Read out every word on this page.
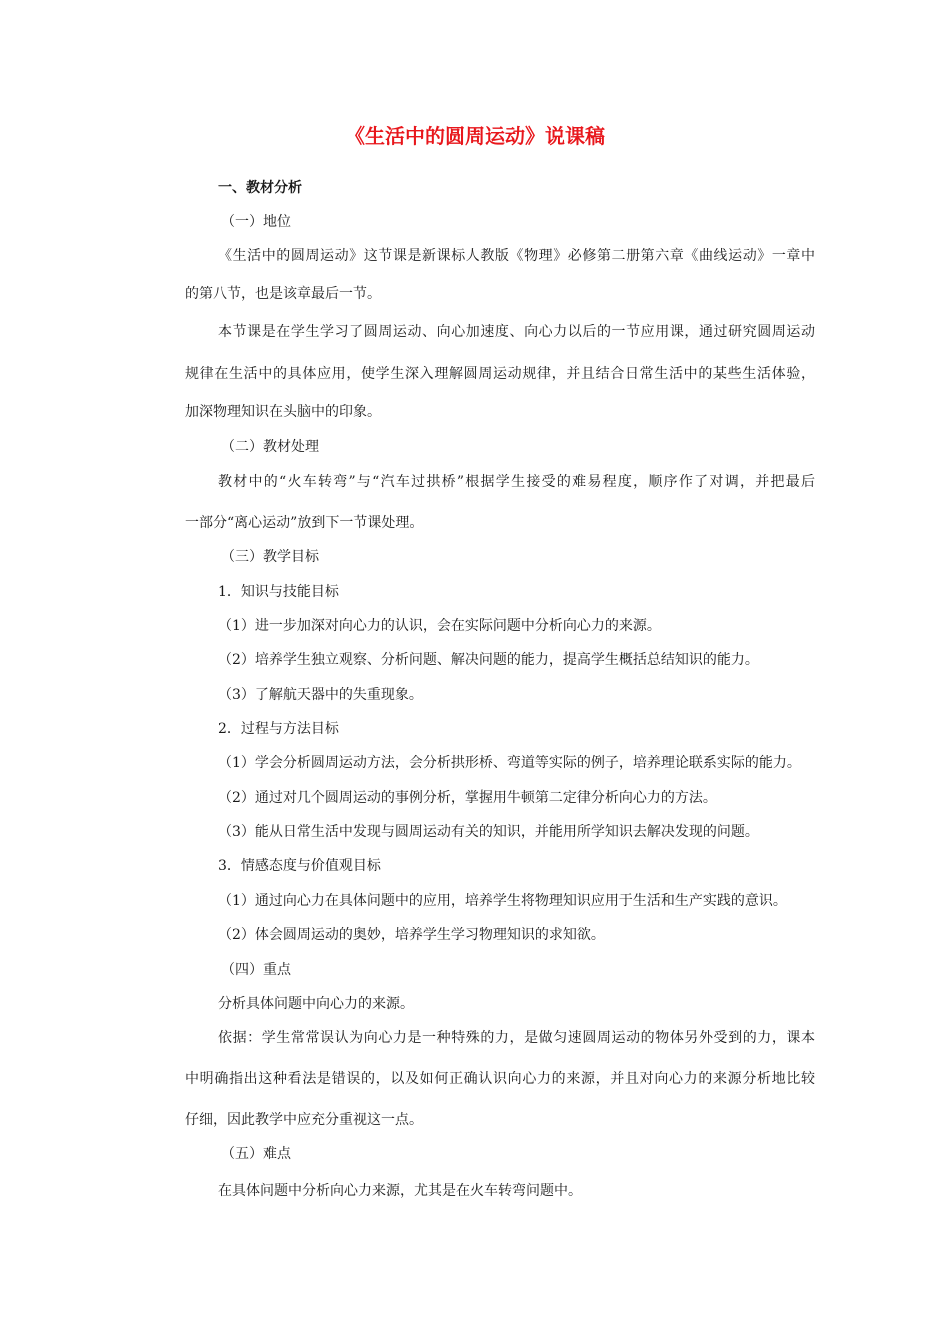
《生活中的圆周运动》说课稿
一、教材分析
（一）地位
《生活中的圆周运动》这节课是新课标人教版《物理》必修第二册第六章《曲线运动》一章中
的第八节，也是该章最后一节。
本节课是在学生学习了圆周运动、向心加速度、向心力以后的一节应用课，通过研究圆周运动
规律在生活中的具体应用，使学生深入理解圆周运动规律，并且结合日常生活中的某些生活体验，
加深物理知识在头脑中的印象。
（二）教材处理
教材中的“火车转弯”与“汽车过拱桥”根据学生接受的难易程度，顺序作了对调，并把最后
一部分“离心运动”放到下一节课处理。
（三）教学目标
1．知识与技能目标
（1）进一步加深对向心力的认识，会在实际问题中分析向心力的来源。
（2）培养学生独立观察、分析问题、解决问题的能力，提高学生概括总结知识的能力。
（3）了解航天器中的失重现象。
2．过程与方法目标
（1）学会分析圆周运动方法，会分析拱形桥、弯道等实际的例子，培养理论联系实际的能力。
（2）通过对几个圆周运动的事例分析，掌握用牛顿第二定律分析向心力的方法。
（3）能从日常生活中发现与圆周运动有关的知识，并能用所学知识去解决发现的问题。
3．情感态度与价值观目标
（1）通过向心力在具体问题中的应用，培养学生将物理知识应用于生活和生产实践的意识。
（2）体会圆周运动的奥妙，培养学生学习物理知识的求知欲。
（四）重点
分析具体问题中向心力的来源。
依据：学生常常误认为向心力是一种特殊的力，是做匀速圆周运动的物体另外受到的力，课本
中明确指出这种看法是错误的，以及如何正确认识向心力的来源，并且对向心力的来源分析地比较
仔细，因此教学中应充分重视这一点。
（五）难点
在具体问题中分析向心力来源，尤其是在火车转弯问题中。
